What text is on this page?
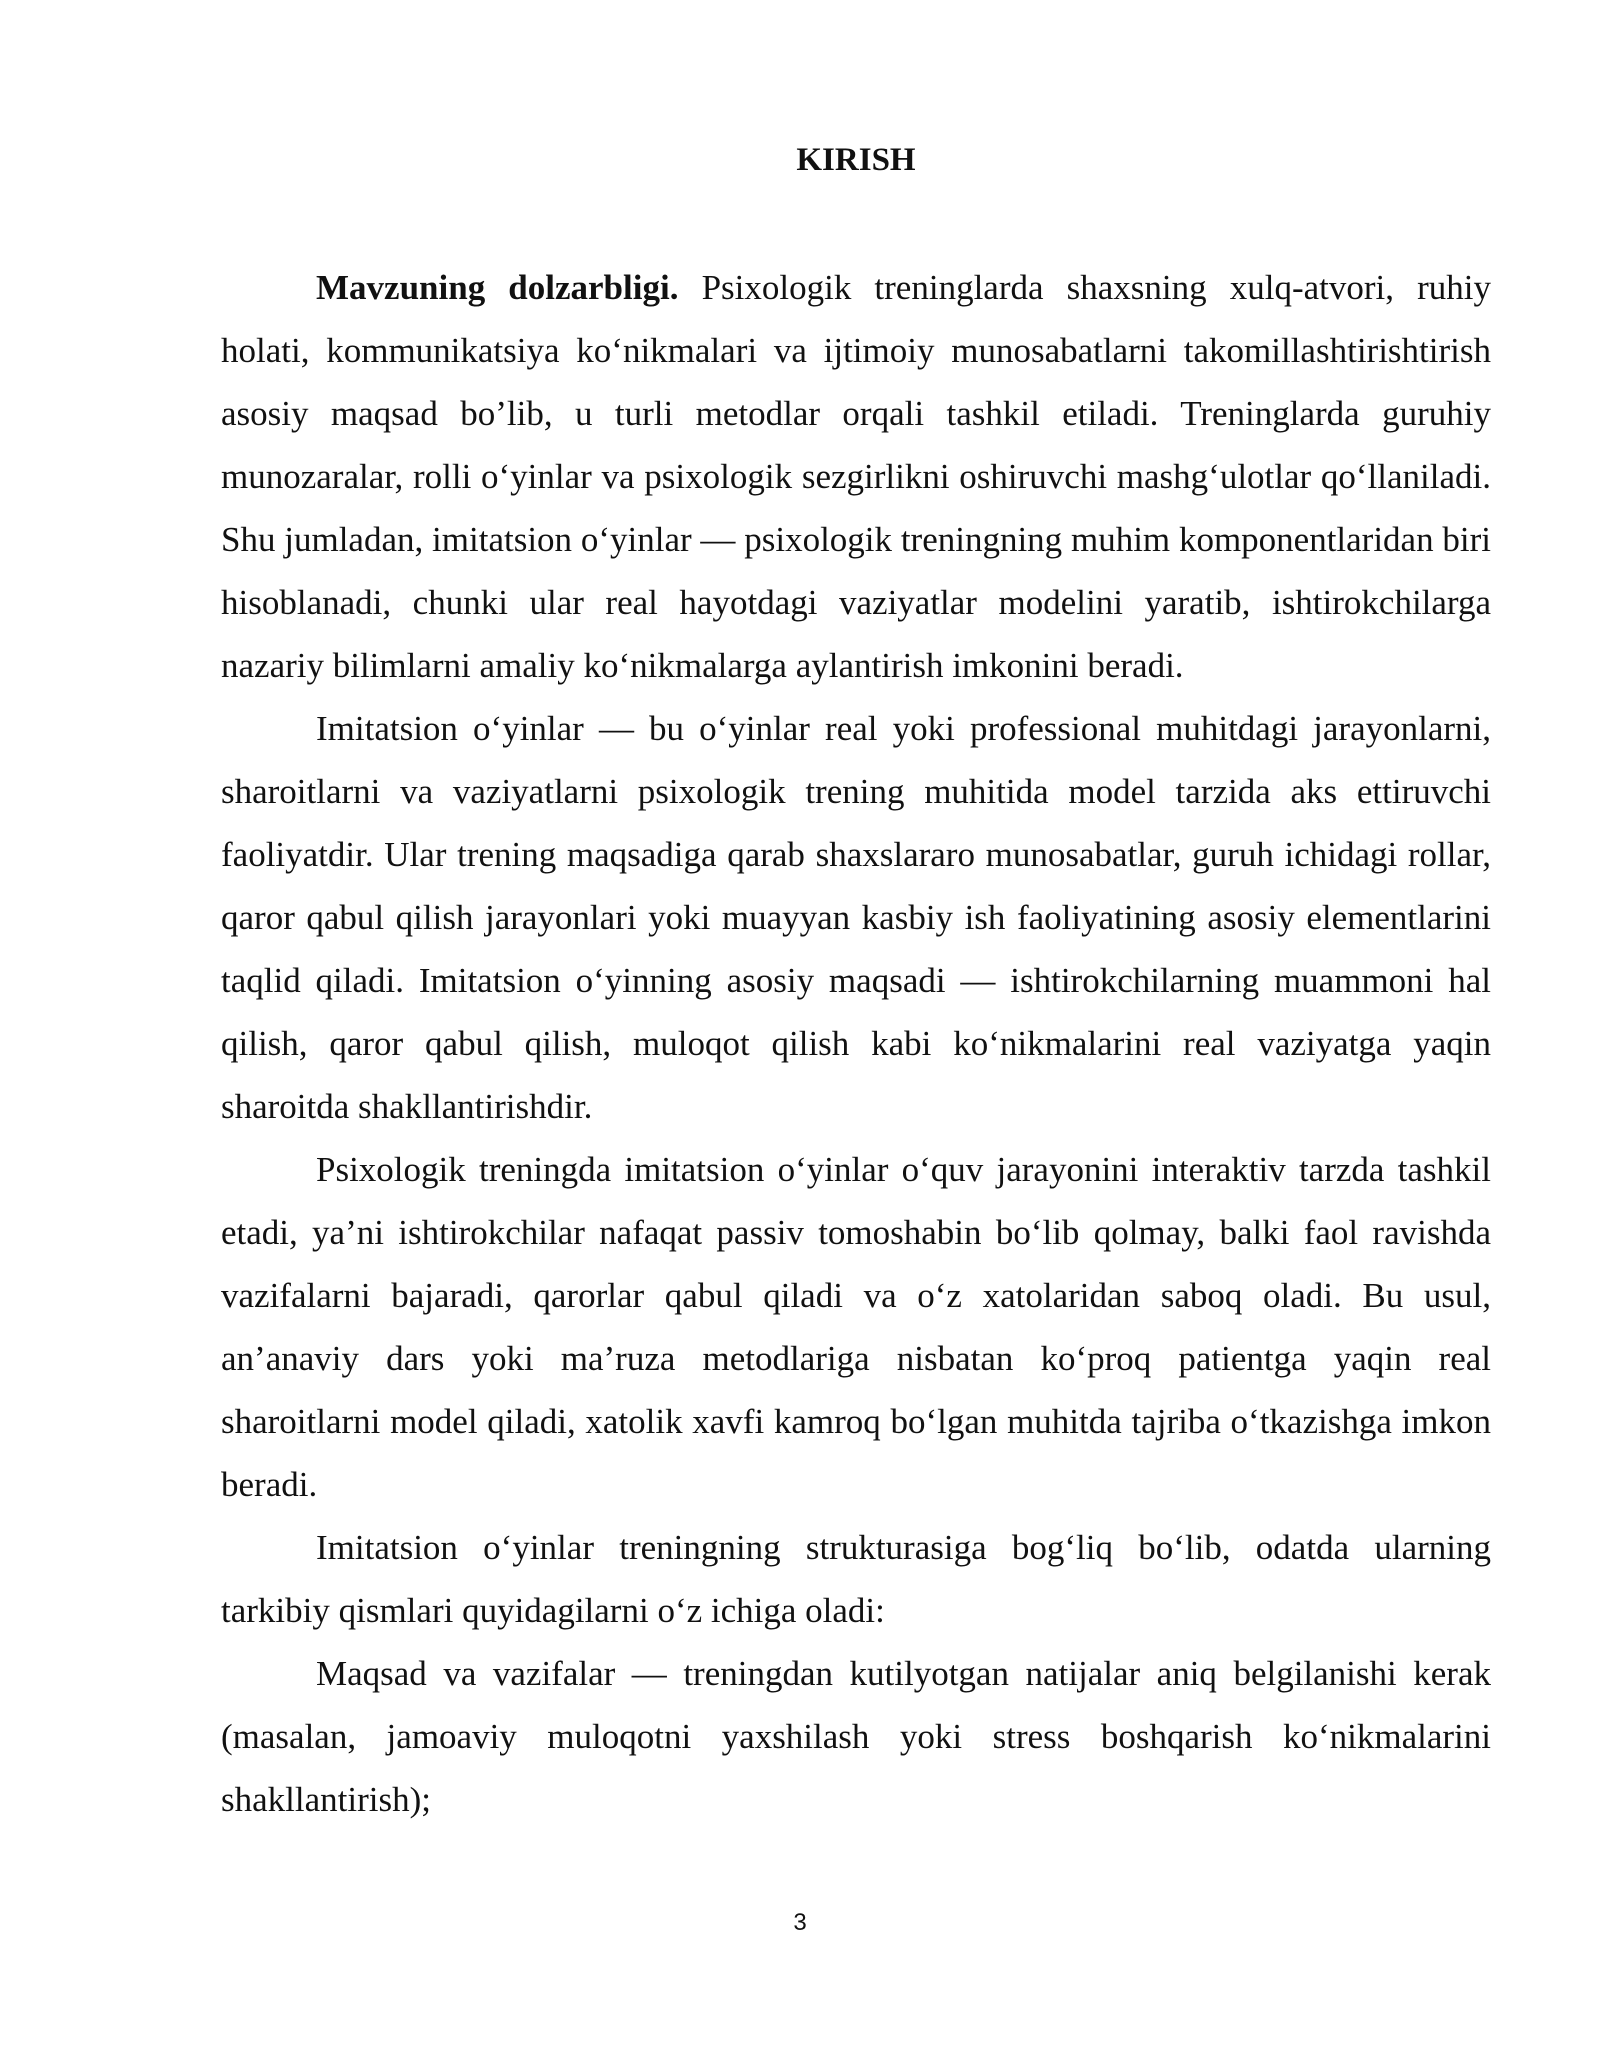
KIRISH

Mavzuning dolzarbligi. Psixologik treninglarda shaxsning xulq-atvori, ruhiy holati, kommunikatsiya ko‘nikmalari va ijtimoiy munosabatlarni takomillashtirishtirish asosiy maqsad bo’lib, u turli metodlar orqali tashkil etiladi. Treninglarda guruhiy munozaralar, rolli o‘yinlar va psixologik sezgirlikni oshiruvchi mashg‘ulotlar qo‘llaniladi. Shu jumladan, imitatsion o‘yinlar — psixologik treningning muhim komponentlaridan biri hisoblanadi, chunki ular real hayotdagi vaziyatlar modelini yaratib, ishtirokchilarga nazariy bilimlarni amaliy ko‘nikmalarga aylantirish imkonini beradi.

Imitatsion o‘yinlar — bu o‘yinlar real yoki professional muhitdagi jarayonlarni, sharoitlarni va vaziyatlarni psixologik trening muhitida model tarzida aks ettiruvchi faoliyatdir. Ular trening maqsadiga qarab shaxslararo munosabatlar, guruh ichidagi rollar, qaror qabul qilish jarayonlari yoki muayyan kasbiy ish faoliyatining asosiy elementlarini taqlid qiladi. Imitatsion o‘yinning asosiy maqsadi — ishtirokchilarning muammoni hal qilish, qaror qabul qilish, muloqot qilish kabi ko‘nikmalarini real vaziyatga yaqin sharoitda shakllantirishdir.

Psixologik treningda imitatsion o‘yinlar o‘quv jarayonini interaktiv tarzda tashkil etadi, ya’ni ishtirokchilar nafaqat passiv tomoshabin bo‘lib qolmay, balki faol ravishda vazifalarni bajaradi, qarorlar qabul qiladi va o‘z xatolaridan saboq oladi. Bu usul, an’anaviy dars yoki ma’ruza metodlariga nisbatan ko‘proq patientga yaqin real sharoitlarni model qiladi, xatolik xavfi kamroq bo‘lgan muhitda tajriba o‘tkazishga imkon beradi.

Imitatsion o‘yinlar treningning strukturasiga bog‘liq bo‘lib, odatda ularning tarkibiy qismlari quyidagilarni o‘z ichiga oladi:

Maqsad va vazifalar — treningdan kutilyotgan natijalar aniq belgilanishi kerak (masalan, jamoaviy muloqotni yaxshilash yoki stress boshqarish ko‘nikmalarini shakllantirish);

3
